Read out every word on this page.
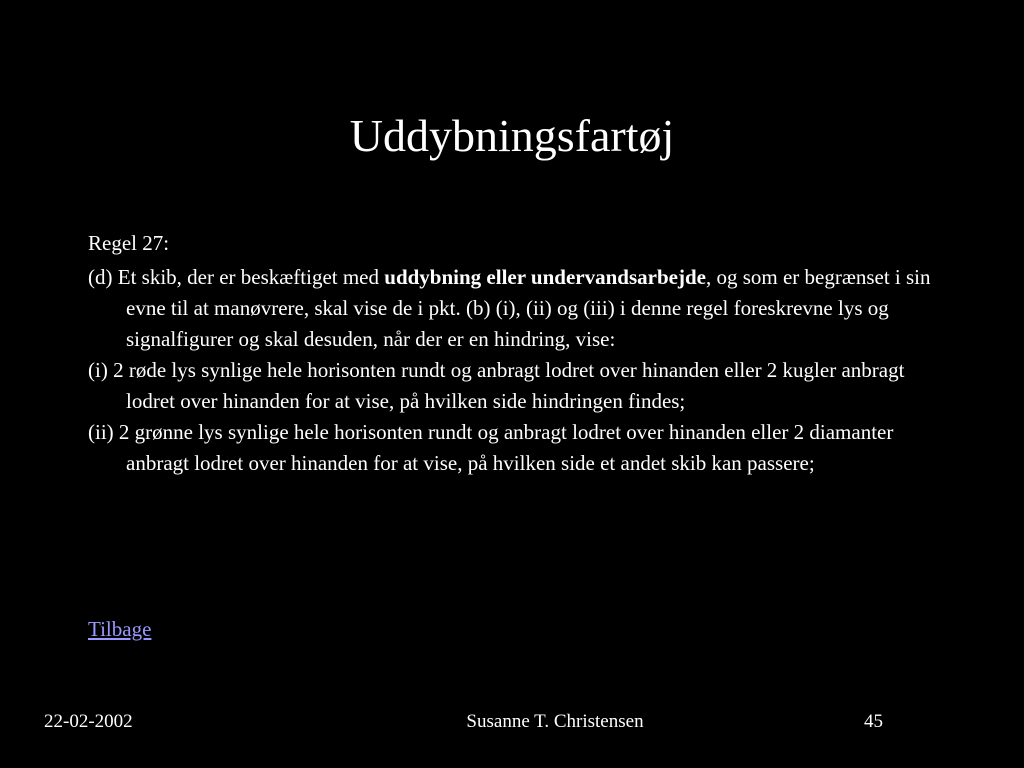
Uddybningsfartøj

Regel 27:

(d) Et skib, der er beskæftiget med uddybning eller undervandsarbejde, og som er begrænset i sin evne til at manøvrere, skal vise de i pkt. (b) (i), (ii) og (iii) i denne regel foreskrevne lys og signalfigurer og skal desuden, når der er en hindring, vise:
(i) 2 røde lys synlige hele horisonten rundt og anbragt lodret over hinanden eller 2 kugler anbragt lodret over hinanden for at vise, på hvilken side hindringen findes;
(ii) 2 grønne lys synlige hele horisonten rundt og anbragt lodret over hinanden eller 2 diamanter anbragt lodret over hinanden for at vise, på hvilken side et andet skib kan passere;

Tilbage
22-02-2002	Susanne T. Christensen	45
